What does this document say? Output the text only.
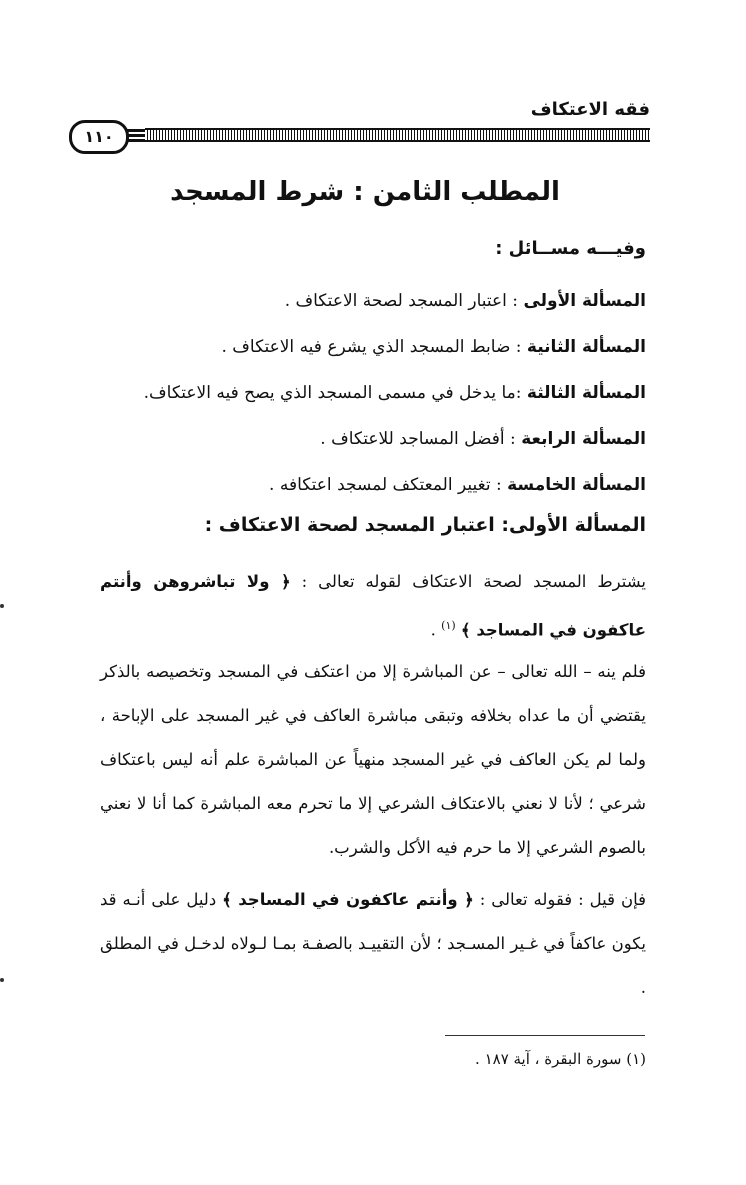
فقه الاعتكاف
١١٠
المطلب الثامن : شرط المسجد
وفيـــه مســائل :
المسألة الأولى : اعتبار المسجد لصحة الاعتكاف .
المسألة الثانية : ضابط المسجد الذي يشرع فيه الاعتكاف .
المسألة الثالثة :ما يدخل في مسمى المسجد الذي يصح فيه الاعتكاف.
المسألة الرابعة : أفضل المساجد للاعتكاف .
المسألة الخامسة : تغيير المعتكف لمسجد اعتكافه .
المسألة الأولى: اعتبار المسجد لصحة الاعتكاف :
يشترط المسجد لصحة الاعتكاف لقوله تعالى : ﴿ ولا تباشروهن وأنتم عاكفون في المساجد ﴾ $^{(١)}$ .
فلم ينه – الله تعالى – عن المباشرة إلا من اعتكف في المسجد وتخصيصه بالذكر يقتضي أن ما عداه بخلافه وتبقى مباشرة العاكف في غير المسجد على الإباحة ، ولما لم يكن العاكف في غير المسجد منهياً عن المباشرة علم أنه ليس باعتكاف شرعي ؛ لأنا لا نعني بالاعتكاف الشرعي إلا ما تحرم معه المباشرة كما أنا لا نعني بالصوم الشرعي إلا ما حرم فيه الأكل والشرب.
فإن قيل : فقوله تعالى : ﴿ وأنتم عاكفون في المساجد ﴾ دليل على أنـه قد يكون عاكفاً في غـير المسـجد ؛ لأن التقييـد بالصفـة بمـا لـولاه لدخـل في المطلق .
(١) سورة البقرة ، آية ١٨٧ .
